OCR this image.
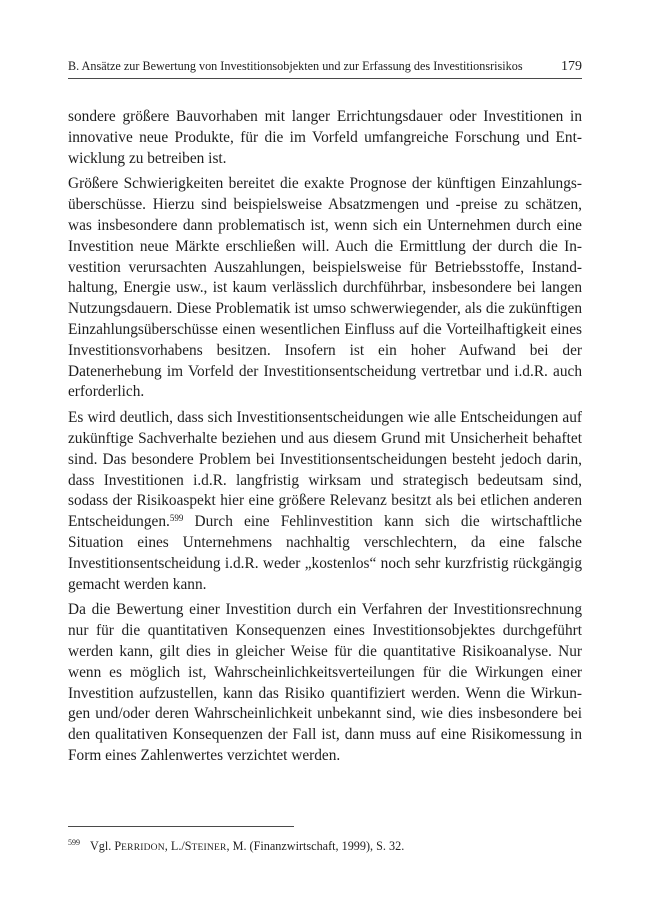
B. Ansätze zur Bewertung von Investitionsobjekten und zur Erfassung des Investitionsrisikos	179

sondere größere Bauvorhaben mit langer Errichtungsdauer oder Investitionen in innovative neue Produkte, für die im Vorfeld umfangreiche Forschung und Entwicklung zu betreiben ist.

Größere Schwierigkeiten bereitet die exakte Prognose der künftigen Einzahlungsüberschüsse. Hierzu sind beispielsweise Absatzmengen und -preise zu schätzen, was insbesondere dann problematisch ist, wenn sich ein Unternehmen durch eine Investition neue Märkte erschließen will. Auch die Ermittlung der durch die Investition verursachten Auszahlungen, beispielsweise für Betriebsstoffe, Instandhaltung, Energie usw., ist kaum verlässlich durchführbar, insbesondere bei langen Nutzungsdauern. Diese Problematik ist umso schwerwiegender, als die zukünftigen Einzahlungsüberschüsse einen wesentlichen Einfluss auf die Vorteilhaftigkeit eines Investitionsvorhabens besitzen. Insofern ist ein hoher Aufwand bei der Datenerhebung im Vorfeld der Investitionsentscheidung vertretbar und i.d.R. auch erforderlich.

Es wird deutlich, dass sich Investitionsentscheidungen wie alle Entscheidungen auf zukünftige Sachverhalte beziehen und aus diesem Grund mit Unsicherheit behaftet sind. Das besondere Problem bei Investitionsentscheidungen besteht jedoch darin, dass Investitionen i.d.R. langfristig wirksam und strategisch bedeutsam sind, sodass der Risikoaspekt hier eine größere Relevanz besitzt als bei etlichen anderen Entscheidungen.$^{599}$ Durch eine Fehlinvestition kann sich die wirtschaftliche Situation eines Unternehmens nachhaltig verschlechtern, da eine falsche Investitionsentscheidung i.d.R. weder „kostenlos“ noch sehr kurzfristig rückgängig gemacht werden kann.

Da die Bewertung einer Investition durch ein Verfahren der Investitionsrechnung nur für die quantitativen Konsequenzen eines Investitionsobjektes durchgeführt werden kann, gilt dies in gleicher Weise für die quantitative Risikoanalyse. Nur wenn es möglich ist, Wahrscheinlichkeitsverteilungen für die Wirkungen einer Investition aufzustellen, kann das Risiko quantifiziert werden. Wenn die Wirkungen und/oder deren Wahrscheinlichkeit unbekannt sind, wie dies insbesondere bei den qualitativen Konsequenzen der Fall ist, dann muss auf eine Risikomessung in Form eines Zahlenwertes verzichtet werden.

$^{599}$ Vgl. PERRIDON, L./STEINER, M. (Finanzwirtschaft, 1999), S. 32.
